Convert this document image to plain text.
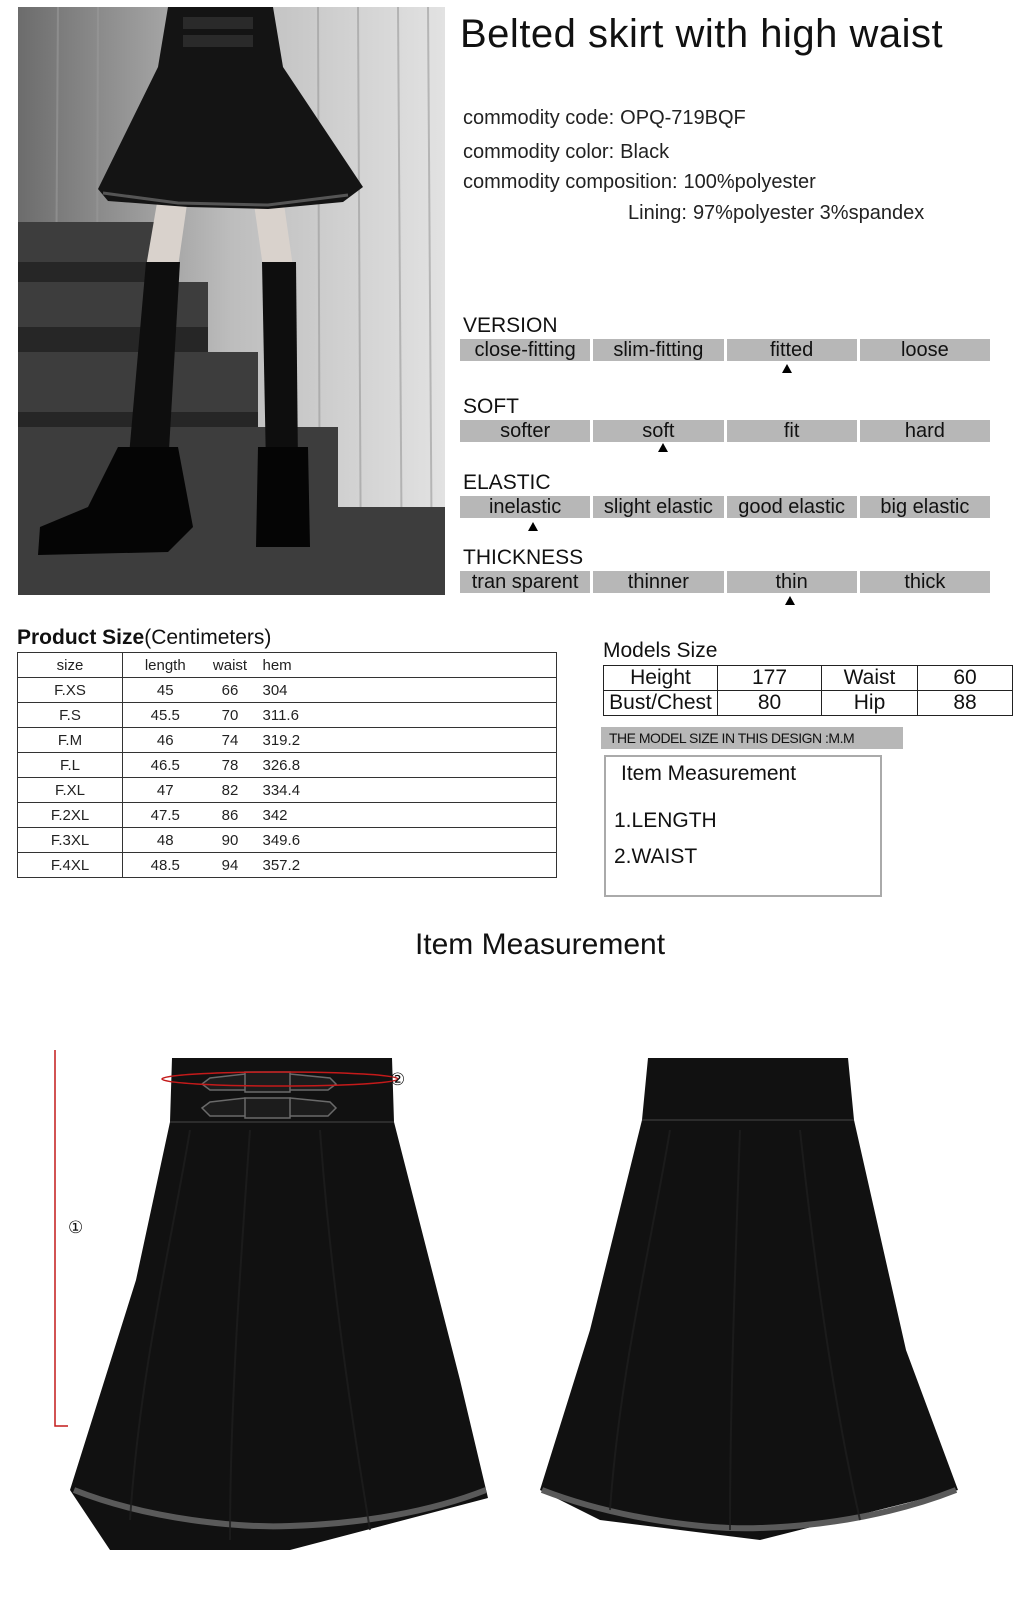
Belted skirt with high waist
commodity code: OPQ-719BQF
commodity color: Black
commodity composition: 100%polyester
Lining: 97%polyester 3%spandex
VERSION
close-fitting	slim-fitting	fitted	loose
SOFT
softer	soft	fit	hard
ELASTIC
inelastic	slight elastic	good elastic	big elastic
THICKNESS
tran sparent	thinner	thin	thick
Product Size(Centimeters)
size	length	waist	hem	
F.XS	45	66	304	
F.S	45.5	70	311.6	
F.M	46	74	319.2	
F.L	46.5	78	326.8	
F.XL	47	82	334.4	
F.2XL	47.5	86	342	
F.3XL	48	90	349.6	
F.4XL	48.5	94	357.2	
Models Size
Height	177	Waist	60
Bust/Chest	80	Hip	88
THE MODEL SIZE IN THIS DESIGN :M.M
Item Measurement
1.LENGTH
2.WAIST
Item Measurement
①
②
